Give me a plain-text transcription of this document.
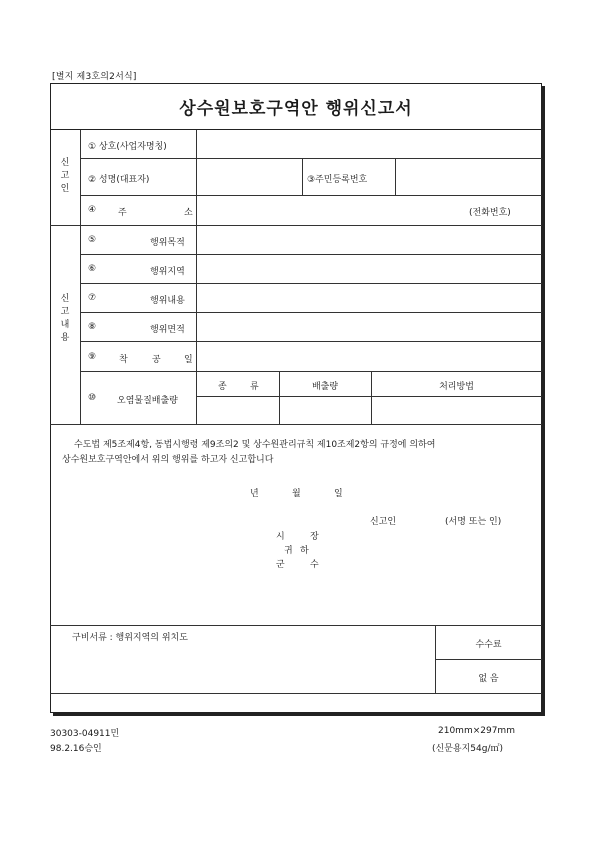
[별지 제3호의2서식]
상수원보호구역안 행위신고서
신
고
인
① 상호(사업자명칭)
② 성명(대표자)	③주민등록번호
④ 주	소	(전화번호)
신
고
내
용
⑤	행위목적
⑥	행위지역
⑦	행위내용
⑧	행위면적
⑨	착	공	일
⑩ 오염물질배출량
종	류	배출량	처리방법
수도법 제5조제4항, 동법시행령 제9조의2 및 상수원관리규칙 제10조제2항의 규정에 의하여
상수원보호구역안에서 위의 행위를 하고자 신고합니다
년	월	일
신고인	(서명 또는 인)
시	장
귀 하
군	수
구비서류 : 행위지역의 위치도
수수료
없 음
30303-04911민
98.2.16승인
210mm×297mm
(신문용지54g/㎡)
